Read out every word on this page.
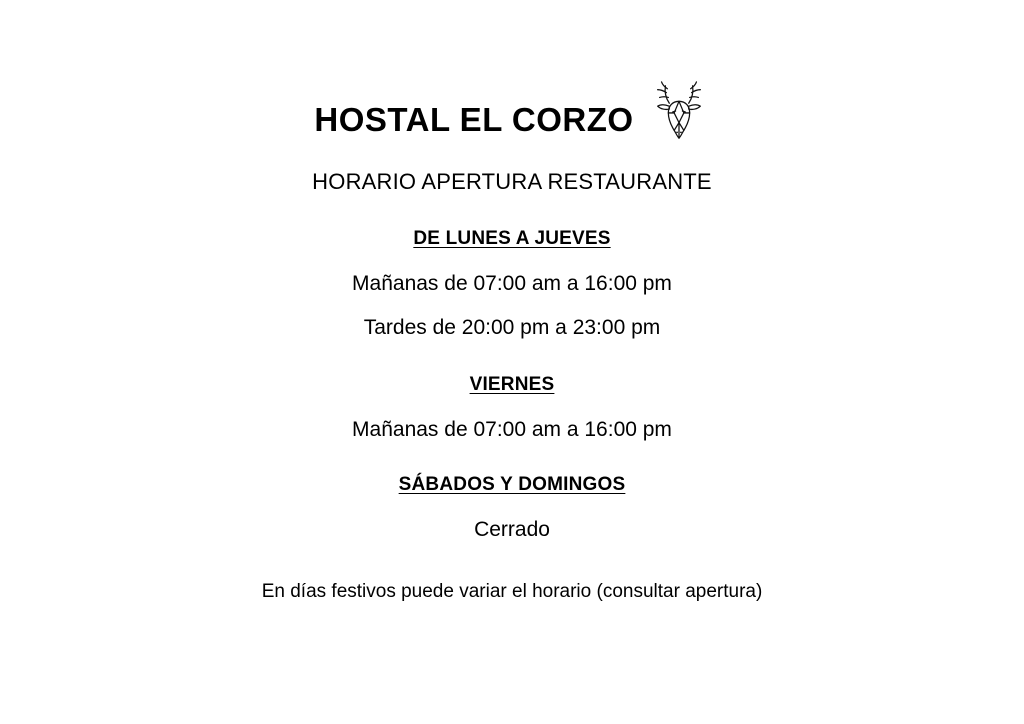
HOSTAL EL CORZO
HORARIO APERTURA RESTAURANTE
DE LUNES A JUEVES
Mañanas de 07:00 am a 16:00 pm
Tardes de 20:00 pm a 23:00 pm
VIERNES
Mañanas de 07:00 am a 16:00 pm
SÁBADOS Y DOMINGOS
Cerrado
En días festivos puede variar el horario (consultar apertura)
